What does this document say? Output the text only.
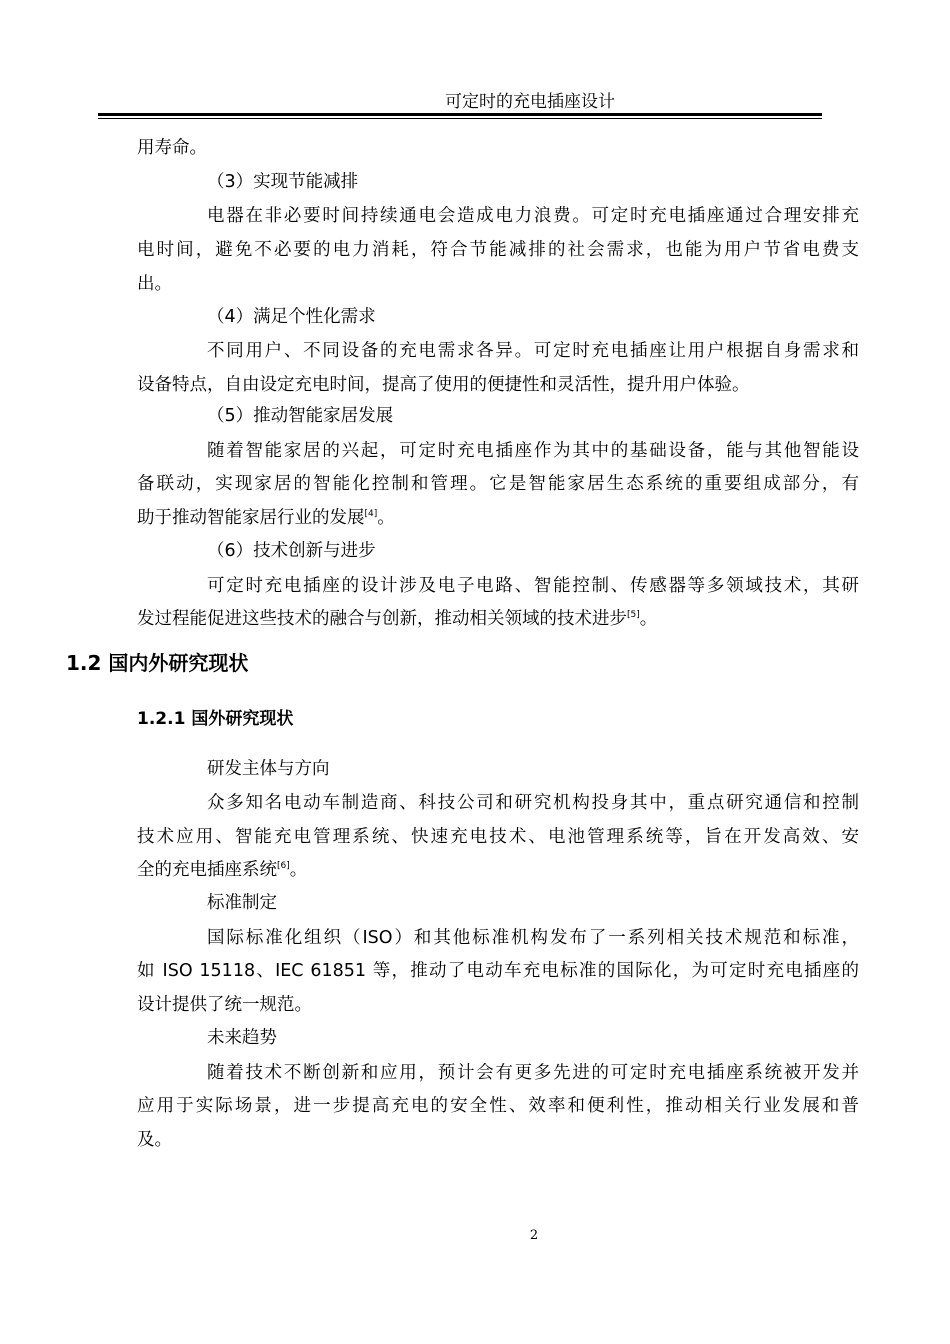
可定时的充电插座设计
用寿命。
（3）实现节能减排
电器在非必要时间持续通电会造成电力浪费。可定时充电插座通过合理安排充
电时间，避免不必要的电力消耗，符合节能减排的社会需求，也能为用户节省电费支
出。
（4）满足个性化需求
不同用户、不同设备的充电需求各异。可定时充电插座让用户根据自身需求和
设备特点，自由设定充电时间，提高了使用的便捷性和灵活性，提升用户体验。
（5）推动智能家居发展
随着智能家居的兴起，可定时充电插座作为其中的基础设备，能与其他智能设
备联动，实现家居的智能化控制和管理。它是智能家居生态系统的重要组成部分，有
助于推动智能家居行业的发展[4]。
（6）技术创新与进步
可定时充电插座的设计涉及电子电路、智能控制、传感器等多领域技术，其研
发过程能促进这些技术的融合与创新，推动相关领域的技术进步[5]。
1.2 国内外研究现状
1.2.1 国外研究现状
研发主体与方向
众多知名电动车制造商、科技公司和研究机构投身其中，重点研究通信和控制
技术应用、智能充电管理系统、快速充电技术、电池管理系统等，旨在开发高效、安
全的充电插座系统[6]。
标准制定
国际标准化组织（ISO）和其他标准机构发布了一系列相关技术规范和标准，
如 ISO 15118、IEC 61851 等，推动了电动车充电标准的国际化，为可定时充电插座的
设计提供了统一规范。
未来趋势
随着技术不断创新和应用，预计会有更多先进的可定时充电插座系统被开发并
应用于实际场景，进一步提高充电的安全性、效率和便利性，推动相关行业发展和普
及。
2
